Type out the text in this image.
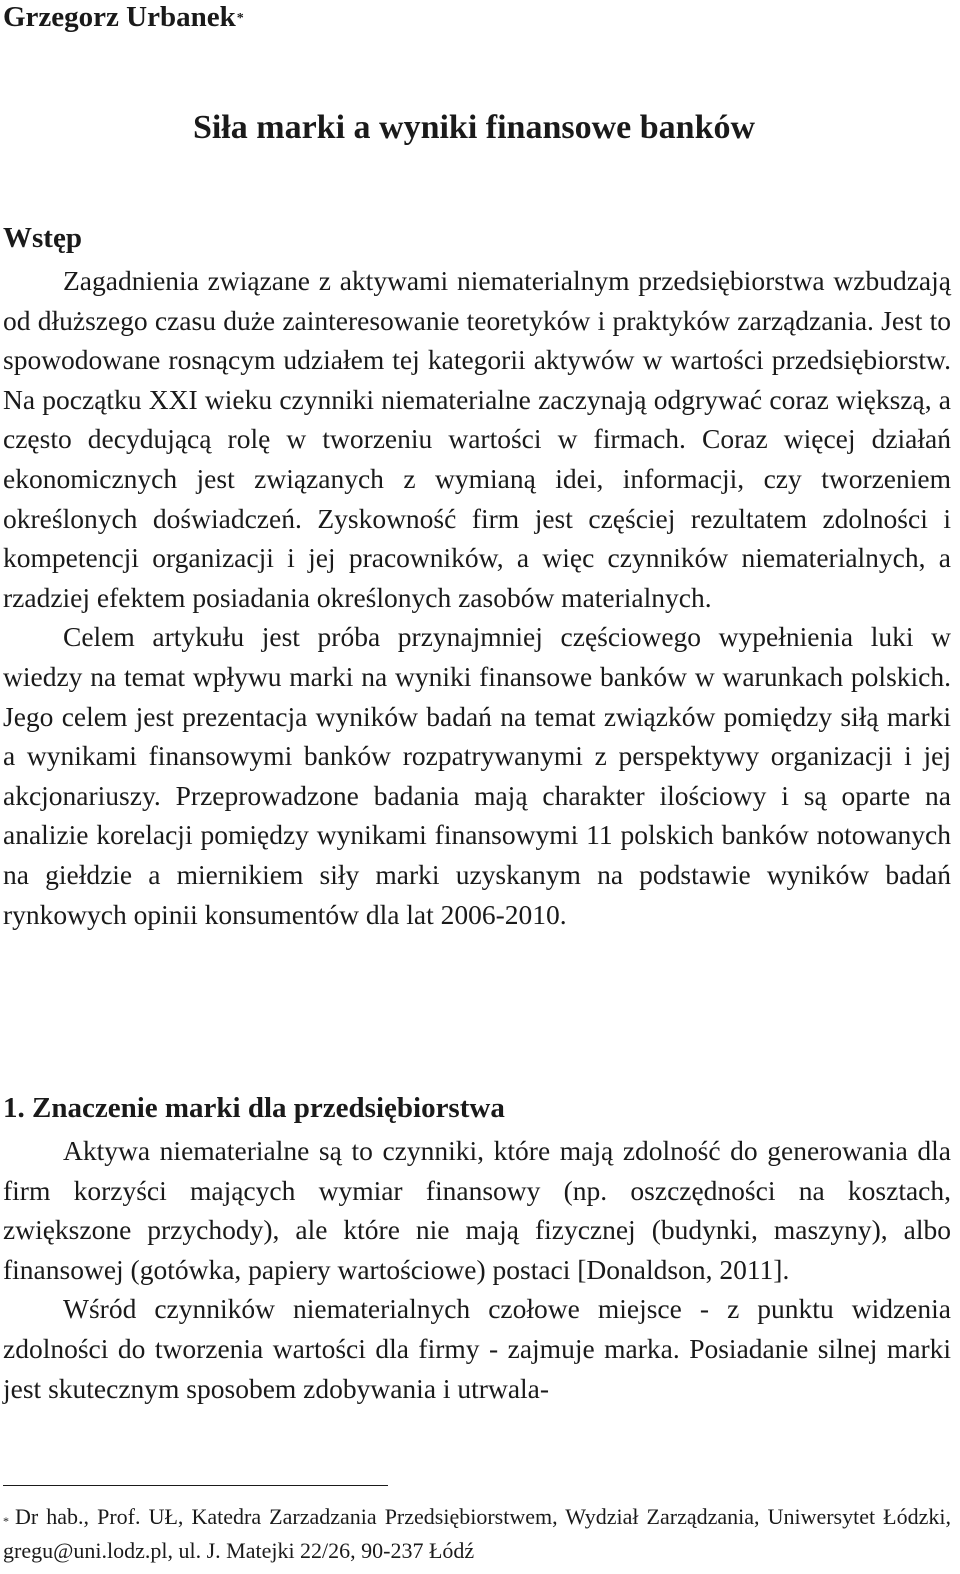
Grzegorz Urbanek*
Siła marki a wyniki finansowe banków
Wstęp

Zagadnienia związane z aktywami niematerialnym przedsiębiorstwa wzbudzają od dłuższego czasu duże zainteresowanie teoretyków i praktyków zarządzania. Jest to spowodowane rosnącym udziałem tej kategorii aktywów w wartości przedsiębiorstw. Na początku XXI wieku czynniki niematerialne zaczynają odgrywać coraz większą, a często decydującą rolę w tworzeniu wartości w firmach. Coraz więcej działań ekonomicznych jest związanych z wymianą idei, informacji, czy tworzeniem określonych doświadczeń. Zyskowność firm jest częściej rezultatem zdolności i kompetencji organizacji i jej pracowników, a więc czynników niematerialnych, a rzadziej efektem posiadania określonych zasobów materialnych.

Celem artykułu jest próba przynajmniej częściowego wypełnienia luki w wiedzy na temat wpływu marki na wyniki finansowe banków w warunkach polskich. Jego celem jest prezentacja wyników badań na temat związków pomiędzy siłą marki a wynikami finansowymi banków rozpatrywanymi z perspektywy organizacji i jej akcjonariuszy. Przeprowadzone badania mają charakter ilościowy i są oparte na analizie korelacji pomiędzy wynikami finansowymi 11 polskich banków notowanych na giełdzie a miernikiem siły marki uzyskanym na podstawie wyników badań rynkowych opinii konsumentów dla lat 2006-2010.

1. Znaczenie marki dla przedsiębiorstwa

Aktywa niematerialne są to czynniki, które mają zdolność do generowania dla firm korzyści mających wymiar finansowy (np. oszczędności na kosztach, zwiększone przychody), ale które nie mają fizycznej (budynki, maszyny), albo finansowej (gotówka, papiery wartościowe) postaci [Donaldson, 2011].

Wśród czynników niematerialnych czołowe miejsce - z punktu widzenia zdolności do tworzenia wartości dla firmy - zajmuje marka. Posiadanie silnej marki jest skutecznym sposobem zdobywania i utrwala-

* Dr hab., Prof. UŁ, Katedra Zarzadzania Przedsiębiorstwem, Wydział Zarządzania, Uniwersytet Łódzki, gregu@uni.lodz.pl, ul. J. Matejki 22/26, 90-237 Łódź
